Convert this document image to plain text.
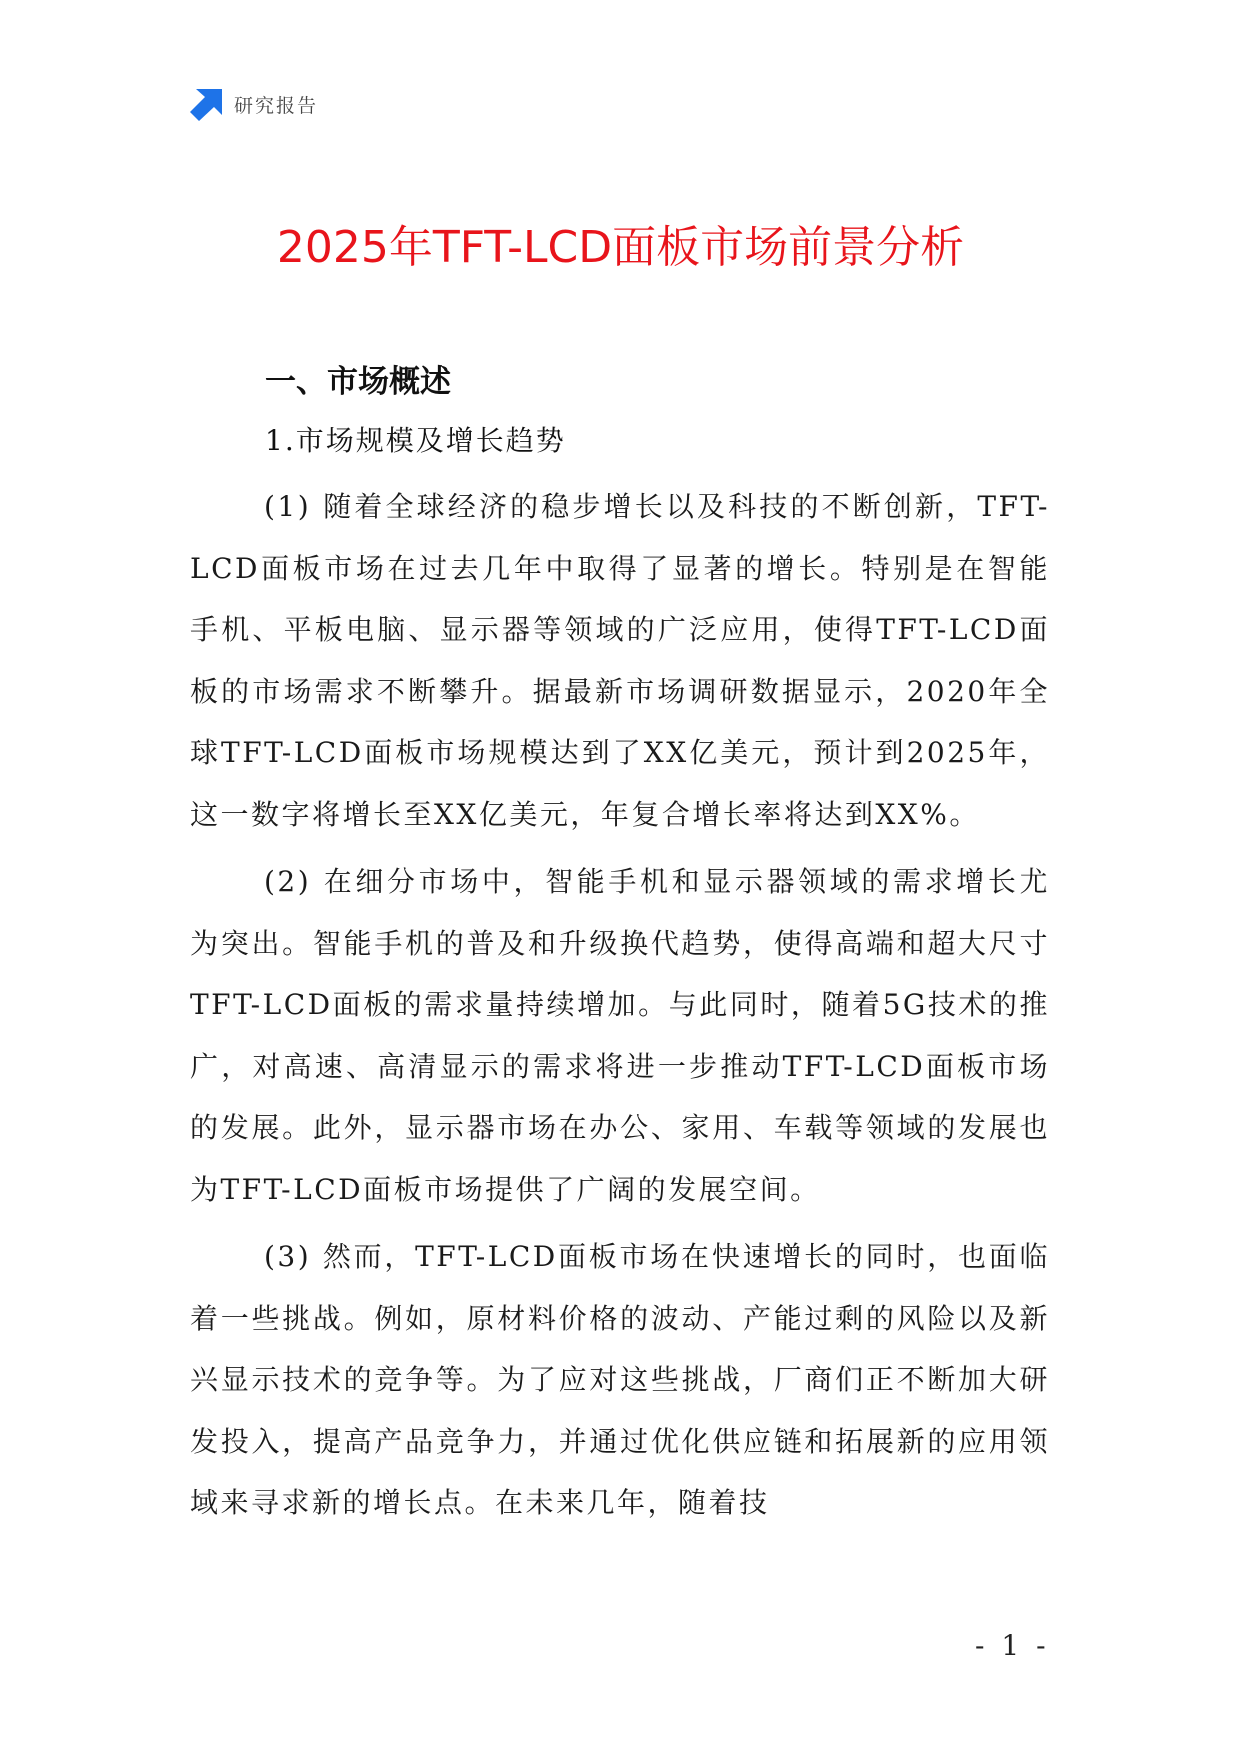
研究报告
2025年TFT-LCD面板市场前景分析
一、市场概述
1.市场规模及增长趋势

(1) 随着全球经济的稳步增长以及科技的不断创新，TFT-LCD面板市场在过去几年中取得了显著的增长。特别是在智能手机、平板电脑、显示器等领域的广泛应用，使得TFT-LCD面板的市场需求不断攀升。据最新市场调研数据显示，2020年全球TFT-LCD面板市场规模达到了XX亿美元，预计到2025年，这一数字将增长至XX亿美元，年复合增长率将达到XX%。

(2) 在细分市场中，智能手机和显示器领域的需求增长尤为突出。智能手机的普及和升级换代趋势，使得高端和超大尺寸TFT-LCD面板的需求量持续增加。与此同时，随着5G技术的推广，对高速、高清显示的需求将进一步推动TFT-LCD面板市场的发展。此外，显示器市场在办公、家用、车载等领域的发展也为TFT-LCD面板市场提供了广阔的发展空间。

(3) 然而，TFT-LCD面板市场在快速增长的同时，也面临着一些挑战。例如，原材料价格的波动、产能过剩的风险以及新兴显示技术的竞争等。为了应对这些挑战，厂商们正不断加大研发投入，提高产品竞争力，并通过优化供应链和拓展新的应用领域来寻求新的增长点。在未来几年，随着技

- 1 -
